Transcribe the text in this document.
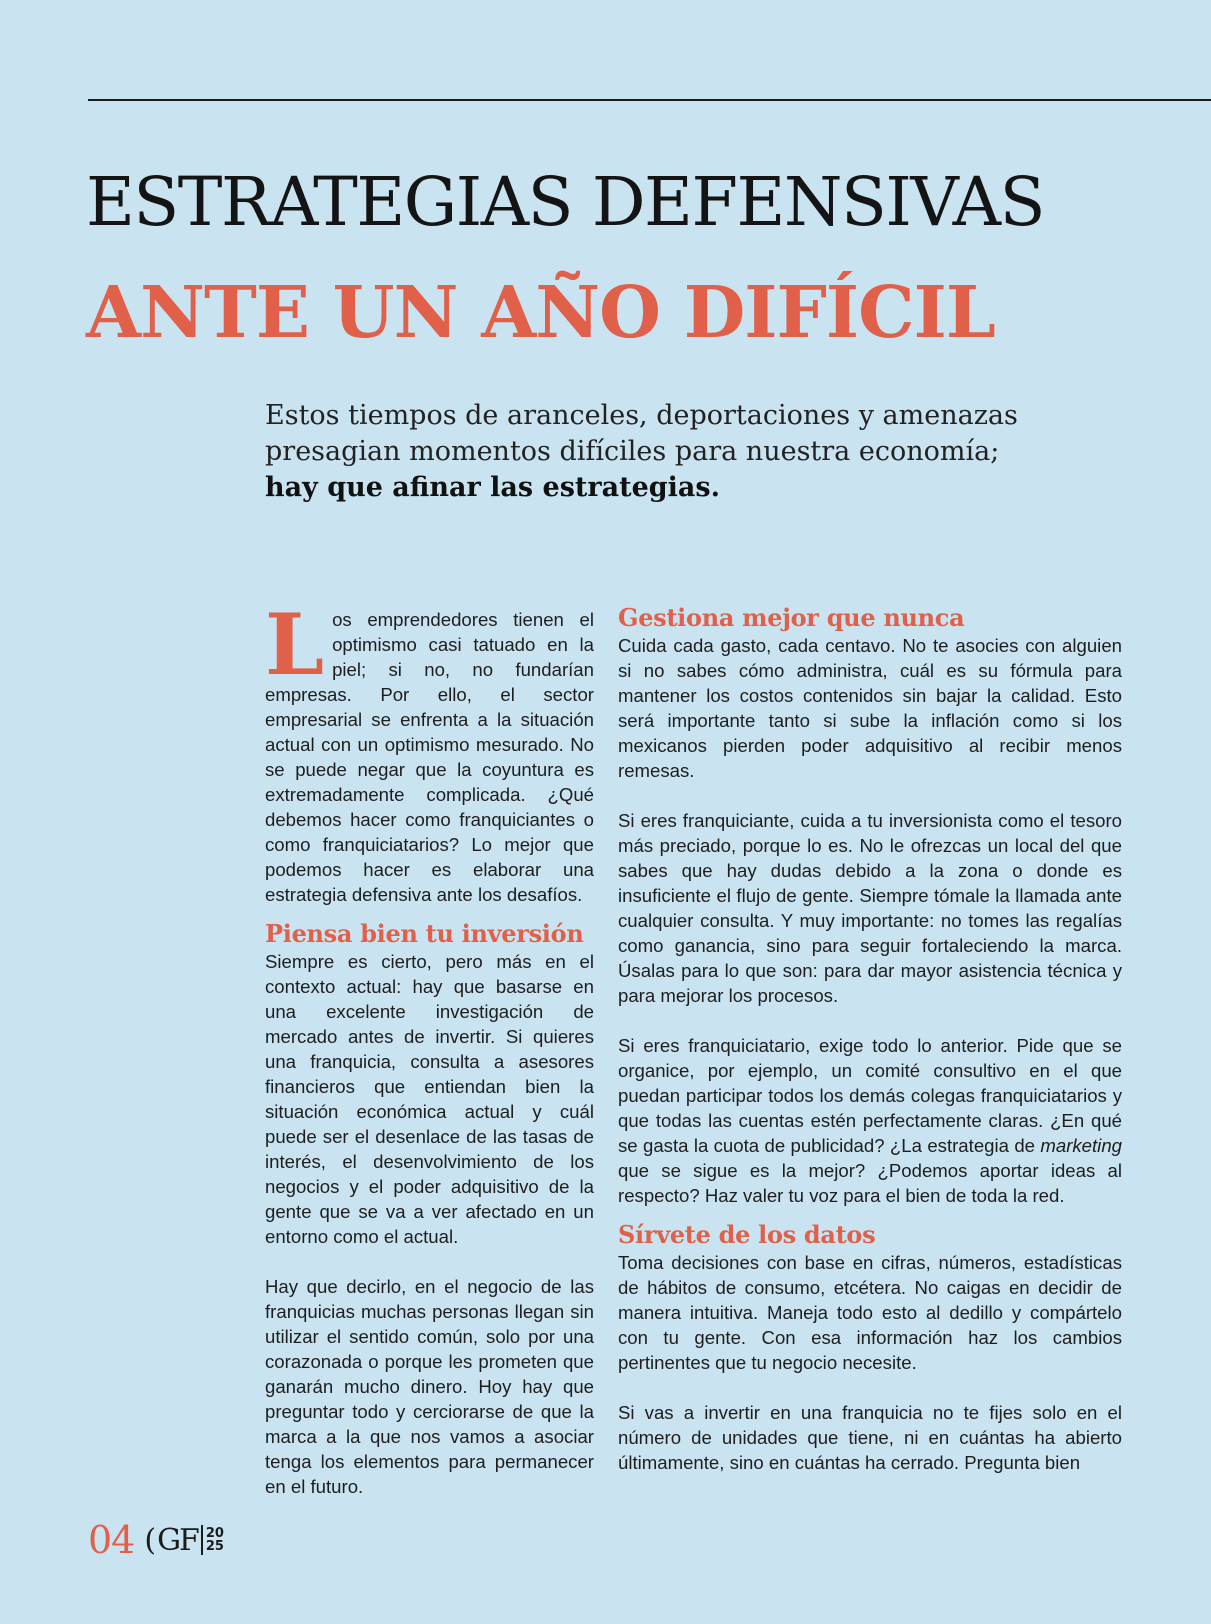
ESTRATEGIAS DEFENSIVAS
ANTE UN AÑO DIFÍCIL

Estos tiempos de aranceles, deportaciones y amenazas presagian momentos difíciles para nuestra economía;
hay que afinar las estrategias.

Los emprendedores tienen el optimismo casi tatuado en la piel; si no, no fundarían empresas. Por ello, el sector empresarial se enfrenta a la situación actual con un optimismo mesurado. No se puede negar que la coyuntura es extremadamente complicada. ¿Qué debemos hacer como franquiciantes o como franquiciatarios? Lo mejor que podemos hacer es elaborar una estrategia defensiva ante los desafíos.

Piensa bien tu inversión

Siempre es cierto, pero más en el contexto actual: hay que basarse en una excelente investigación de mercado antes de invertir. Si quieres una franquicia, consulta a asesores financieros que entiendan bien la situación económica actual y cuál puede ser el desenlace de las tasas de interés, el desenvolvimiento de los negocios y el poder adquisitivo de la gente que se va a ver afectado en un entorno como el actual.

Hay que decirlo, en el negocio de las franquicias muchas personas llegan sin utilizar el sentido común, solo por una corazonada o porque les prometen que ganarán mucho dinero. Hoy hay que preguntar todo y cerciorarse de que la marca a la que nos vamos a asociar tenga los elementos para permanecer en el futuro.

Gestiona mejor que nunca

Cuida cada gasto, cada centavo. No te asocies con alguien si no sabes cómo administra, cuál es su fórmula para mantener los costos contenidos sin bajar la calidad. Esto será importante tanto si sube la inflación como si los mexicanos pierden poder adquisitivo al recibir menos remesas.

Si eres franquiciante, cuida a tu inversionista como el tesoro más preciado, porque lo es. No le ofrezcas un local del que sabes que hay dudas debido a la zona o donde es insuficiente el flujo de gente. Siempre tómale la llamada ante cualquier consulta. Y muy importante: no tomes las regalías como ganancia, sino para seguir fortaleciendo la marca. Úsalas para lo que son: para dar mayor asistencia técnica y para mejorar los procesos.

Si eres franquiciatario, exige todo lo anterior. Pide que se organice, por ejemplo, un comité consultivo en el que puedan participar todos los demás colegas franquiciatarios y que todas las cuentas estén perfectamente claras. ¿En qué se gasta la cuota de publicidad? ¿La estrategia de marketing que se sigue es la mejor? ¿Podemos aportar ideas al respecto? Haz valer tu voz para el bien de toda la red.

Sírvete de los datos

Toma decisiones con base en cifras, números, estadísticas de hábitos de consumo, etcétera. No caigas en decidir de manera intuitiva. Maneja todo esto al dedillo y compártelo con tu gente. Con esa información haz los cambios pertinentes que tu negocio necesite.

Si vas a invertir en una franquicia no te fijes solo en el número de unidades que tiene, ni en cuántas ha abierto últimamente, sino en cuántas ha cerrado. Pregunta bien

04 ( GF 20
25
